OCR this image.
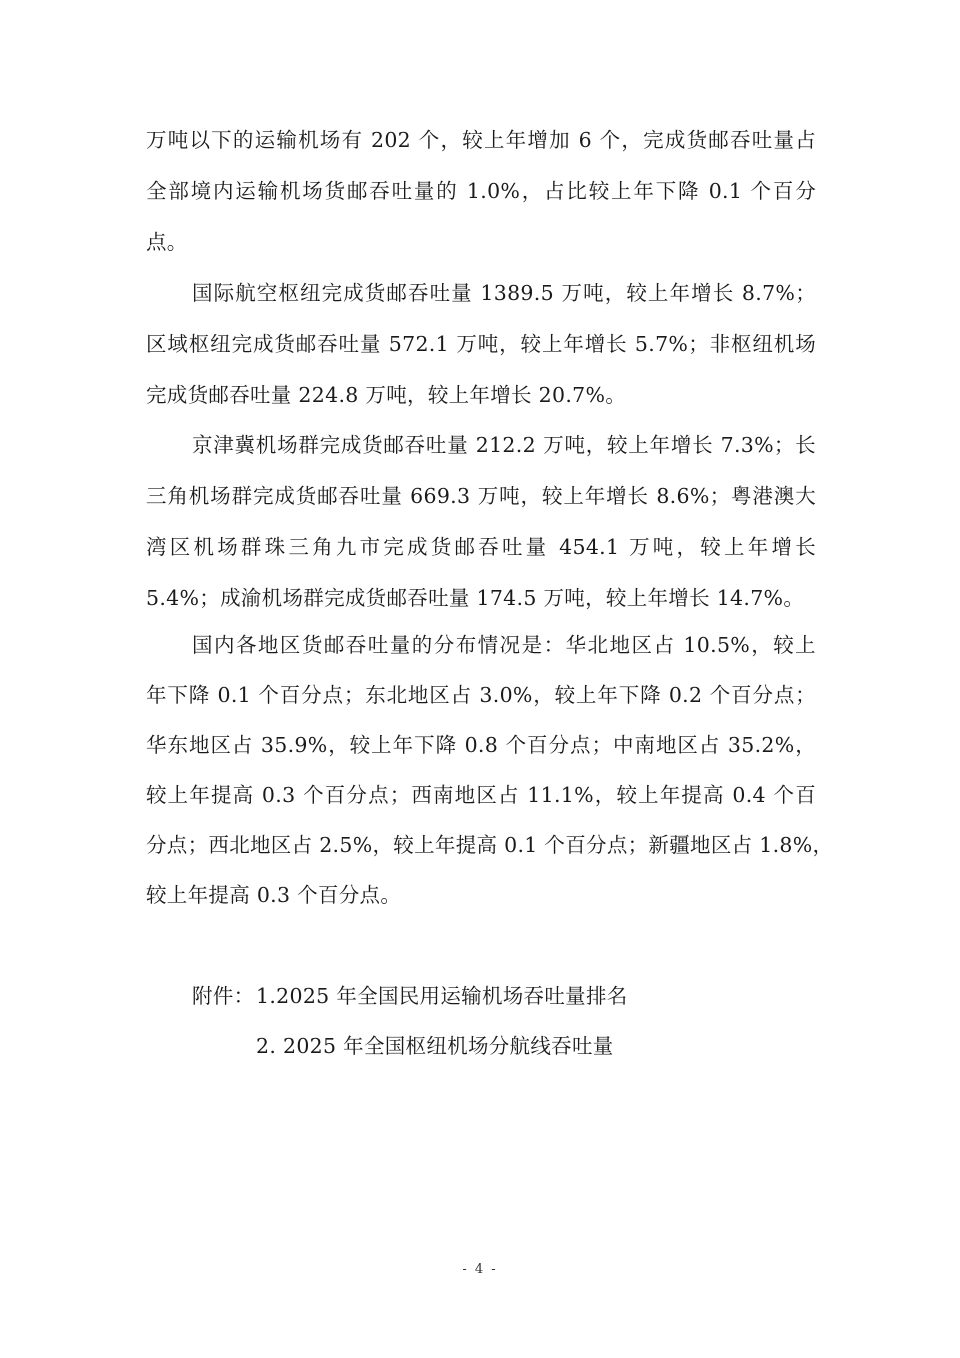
万吨以下的运输机场有 202 个，较上年增加 6 个，完成货邮吞吐量占
全部境内运输机场货邮吞吐量的 1.0%，占比较上年下降 0.1 个百分
点。
国际航空枢纽完成货邮吞吐量 1389.5 万吨，较上年增长 8.7%；
区域枢纽完成货邮吞吐量 572.1 万吨，较上年增长 5.7%；非枢纽机场
完成货邮吞吐量 224.8 万吨，较上年增长 20.7%。
京津冀机场群完成货邮吞吐量 212.2 万吨，较上年增长 7.3%；长
三角机场群完成货邮吞吐量 669.3 万吨，较上年增长 8.6%；粤港澳大
湾区机场群珠三角九市完成货邮吞吐量 454.1 万吨，较上年增长
5.4%；成渝机场群完成货邮吞吐量 174.5 万吨，较上年增长 14.7%。
国内各地区货邮吞吐量的分布情况是：华北地区占 10.5%，较上
年下降 0.1 个百分点；东北地区占 3.0%，较上年下降 0.2 个百分点；
华东地区占 35.9%，较上年下降 0.8 个百分点；中南地区占 35.2%，
较上年提高 0.3 个百分点；西南地区占 11.1%，较上年提高 0.4 个百
分点；西北地区占 2.5%，较上年提高 0.1 个百分点；新疆地区占 1.8%，
较上年提高 0.3 个百分点。
附件： 1.2025 年全国民用运输机场吞吐量排名
2. 2025 年全国枢纽机场分航线吞吐量
- 4 -
